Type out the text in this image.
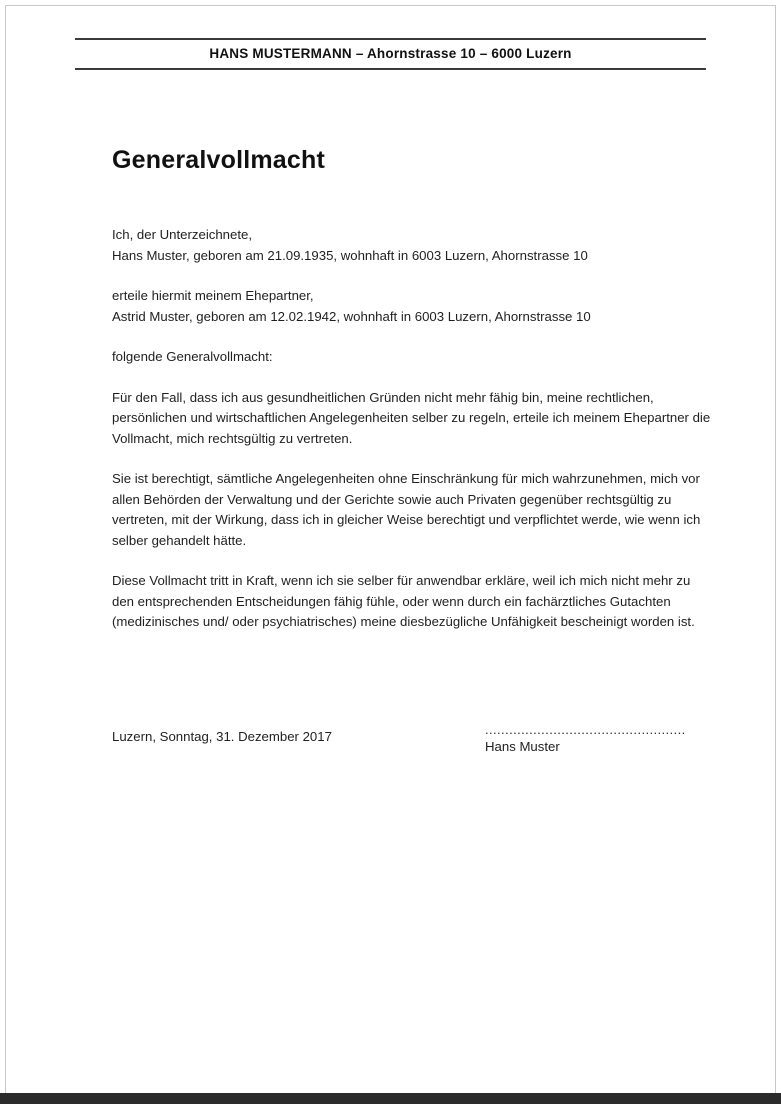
HANS MUSTERMANN – Ahornstrasse 10 – 6000 Luzern
Generalvollmacht

Ich, der Unterzeichnete,
Hans Muster, geboren am 21.09.1935, wohnhaft in 6003 Luzern, Ahornstrasse 10

erteile hiermit meinem Ehepartner,
Astrid Muster, geboren am 12.02.1942, wohnhaft in 6003 Luzern, Ahornstrasse 10

folgende Generalvollmacht:

Für den Fall, dass ich aus gesundheitlichen Gründen nicht mehr fähig bin, meine rechtlichen, persönlichen und wirtschaftlichen Angelegenheiten selber zu regeln, erteile ich meinem Ehepartner die Vollmacht, mich rechtsgültig zu vertreten.

Sie ist berechtigt, sämtliche Angelegenheiten ohne Einschränkung für mich wahrzunehmen, mich vor allen Behörden der Verwaltung und der Gerichte sowie auch Privaten gegenüber rechtsgültig zu vertreten, mit der Wirkung, dass ich in gleicher Weise berechtigt und verpflichtet werde, wie wenn ich selber gehandelt hätte.

Diese Vollmacht tritt in Kraft, wenn ich sie selber für anwendbar erkläre, weil ich mich nicht mehr zu den entsprechenden Entscheidungen fähig fühle, oder wenn durch ein fachärztliches Gutachten (medizinisches und/ oder psychiatrisches) meine diesbezügliche Unfähigkeit bescheinigt worden ist.

Luzern, Sonntag, 31. Dezember 2017	..................................................
Hans Muster
